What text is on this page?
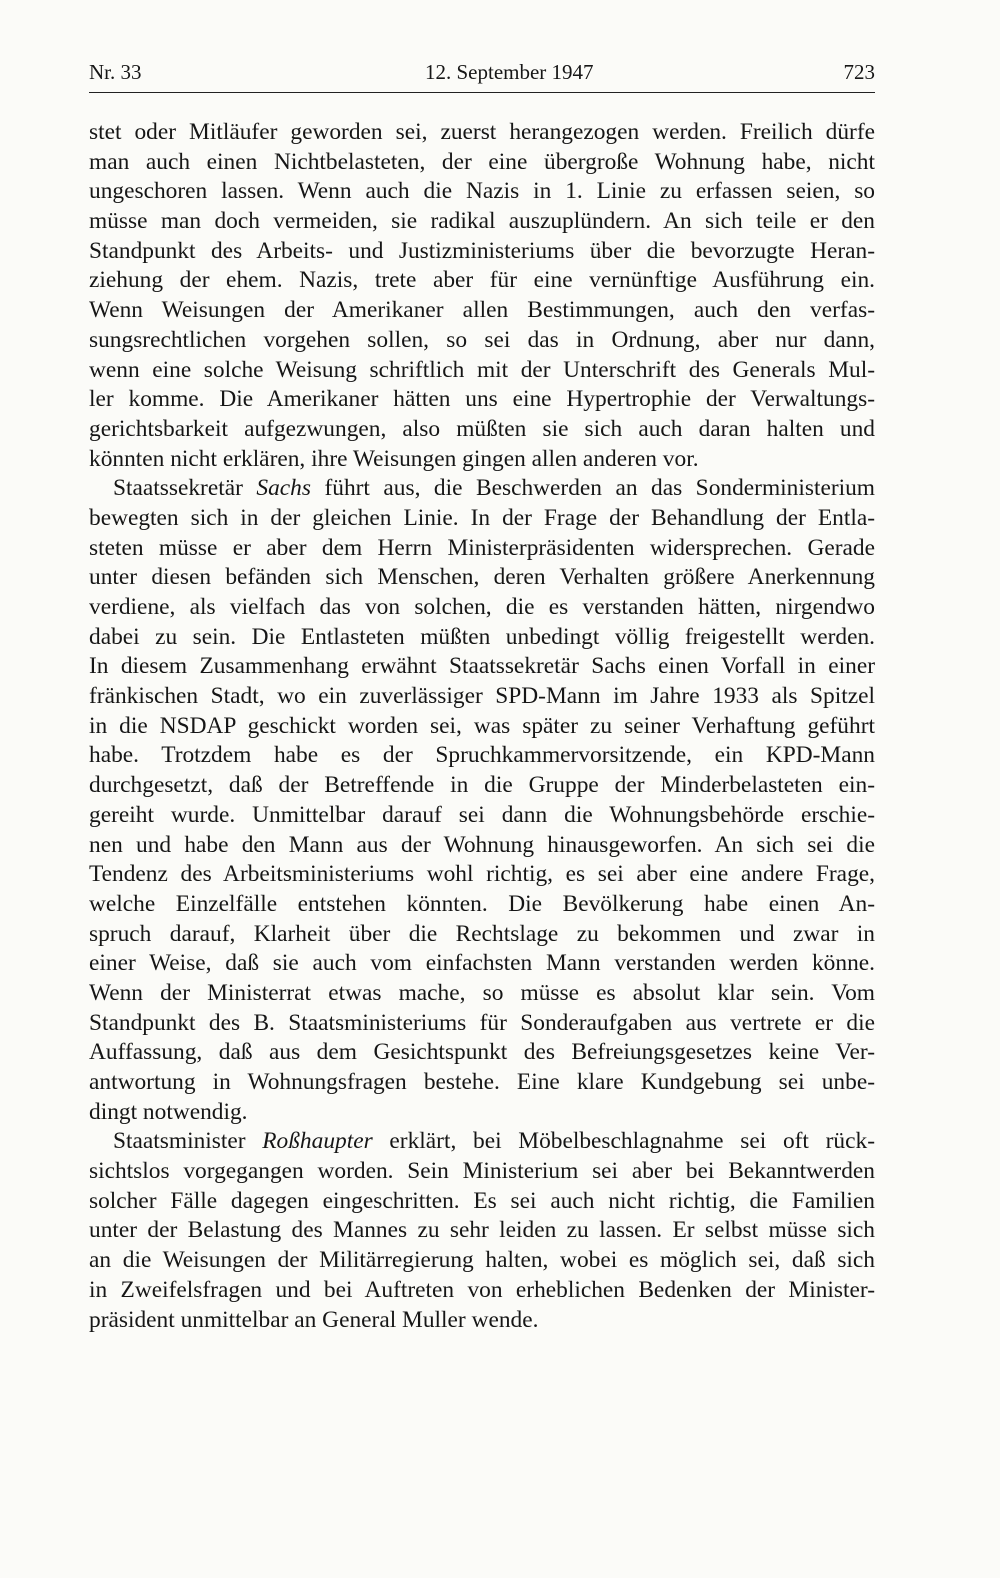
Nr. 33	12. September 1947	723
stet oder Mitläufer geworden sei, zuerst herangezogen werden. Freilich dürfe
man auch einen Nichtbelasteten, der eine übergroße Wohnung habe, nicht
ungeschoren lassen. Wenn auch die Nazis in 1. Linie zu erfassen seien, so
müsse man doch vermeiden, sie radikal auszuplündern. An sich teile er den
Standpunkt des Arbeits- und Justizministeriums über die bevorzugte Heran-
ziehung der ehem. Nazis, trete aber für eine vernünftige Ausführung ein.
Wenn Weisungen der Amerikaner allen Bestimmungen, auch den verfas-
sungsrechtlichen vorgehen sollen, so sei das in Ordnung, aber nur dann,
wenn eine solche Weisung schriftlich mit der Unterschrift des Generals Mul-
ler komme. Die Amerikaner hätten uns eine Hypertrophie der Verwaltungs-
gerichtsbarkeit aufgezwungen, also müßten sie sich auch daran halten und
könnten nicht erklären, ihre Weisungen gingen allen anderen vor.
Staatssekretär Sachs führt aus, die Beschwerden an das Sonderministerium
bewegten sich in der gleichen Linie. In der Frage der Behandlung der Entla-
steten müsse er aber dem Herrn Ministerpräsidenten widersprechen. Gerade
unter diesen befänden sich Menschen, deren Verhalten größere Anerkennung
verdiene, als vielfach das von solchen, die es verstanden hätten, nirgendwo
dabei zu sein. Die Entlasteten müßten unbedingt völlig freigestellt werden.
In diesem Zusammenhang erwähnt Staatssekretär Sachs einen Vorfall in einer
fränkischen Stadt, wo ein zuverlässiger SPD-Mann im Jahre 1933 als Spitzel
in die NSDAP geschickt worden sei, was später zu seiner Verhaftung geführt
habe. Trotzdem habe es der Spruchkammervorsitzende, ein KPD-Mann
durchgesetzt, daß der Betreffende in die Gruppe der Minderbelasteten ein-
gereiht wurde. Unmittelbar darauf sei dann die Wohnungsbehörde erschie-
nen und habe den Mann aus der Wohnung hinausgeworfen. An sich sei die
Tendenz des Arbeitsministeriums wohl richtig, es sei aber eine andere Frage,
welche Einzelfälle entstehen könnten. Die Bevölkerung habe einen An-
spruch darauf, Klarheit über die Rechtslage zu bekommen und zwar in
einer Weise, daß sie auch vom einfachsten Mann verstanden werden könne.
Wenn der Ministerrat etwas mache, so müsse es absolut klar sein. Vom
Standpunkt des B. Staatsministeriums für Sonderaufgaben aus vertrete er die
Auffassung, daß aus dem Gesichtspunkt des Befreiungsgesetzes keine Ver-
antwortung in Wohnungsfragen bestehe. Eine klare Kundgebung sei unbe-
dingt notwendig.
Staatsminister Roßhaupter erklärt, bei Möbelbeschlagnahme sei oft rück-
sichtslos vorgegangen worden. Sein Ministerium sei aber bei Bekanntwerden
solcher Fälle dagegen eingeschritten. Es sei auch nicht richtig, die Familien
unter der Belastung des Mannes zu sehr leiden zu lassen. Er selbst müsse sich
an die Weisungen der Militärregierung halten, wobei es möglich sei, daß sich
in Zweifelsfragen und bei Auftreten von erheblichen Bedenken der Minister-
präsident unmittelbar an General Muller wende.
